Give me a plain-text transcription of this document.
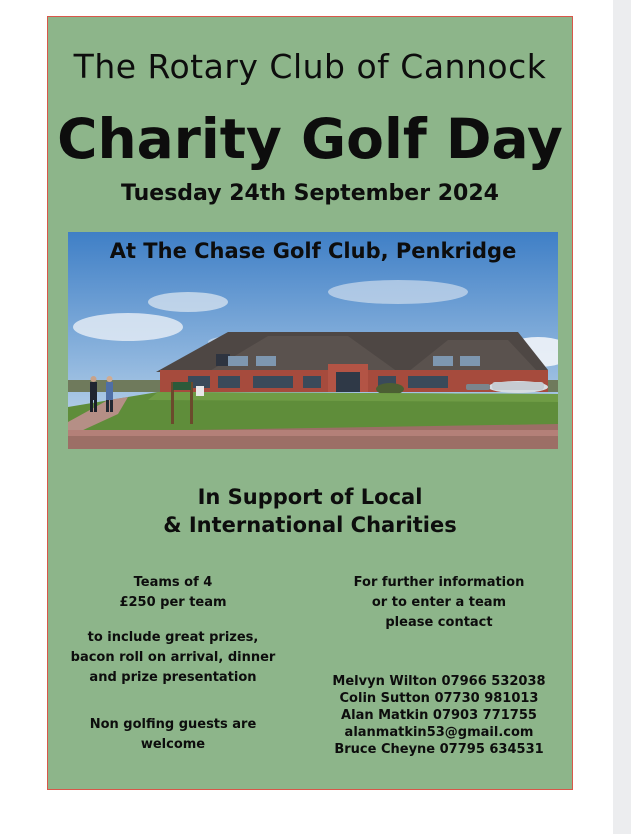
The Rotary Club of Cannock
Charity Golf Day
Tuesday 24th September 2024
At The Chase Golf Club, Penkridge
In Support of Local
& International Charities
Teams of 4
£250 per team
to include great prizes,
bacon roll on arrival, dinner
and prize presentation
Non golfing guests are welcome
For further information
or to enter a team
please contact
Melvyn Wilton 07966 532038
Colin Sutton 07730 981013
Alan Matkin 07903 771755
alanmatkin53@gmail.com
Bruce Cheyne 07795 634531
